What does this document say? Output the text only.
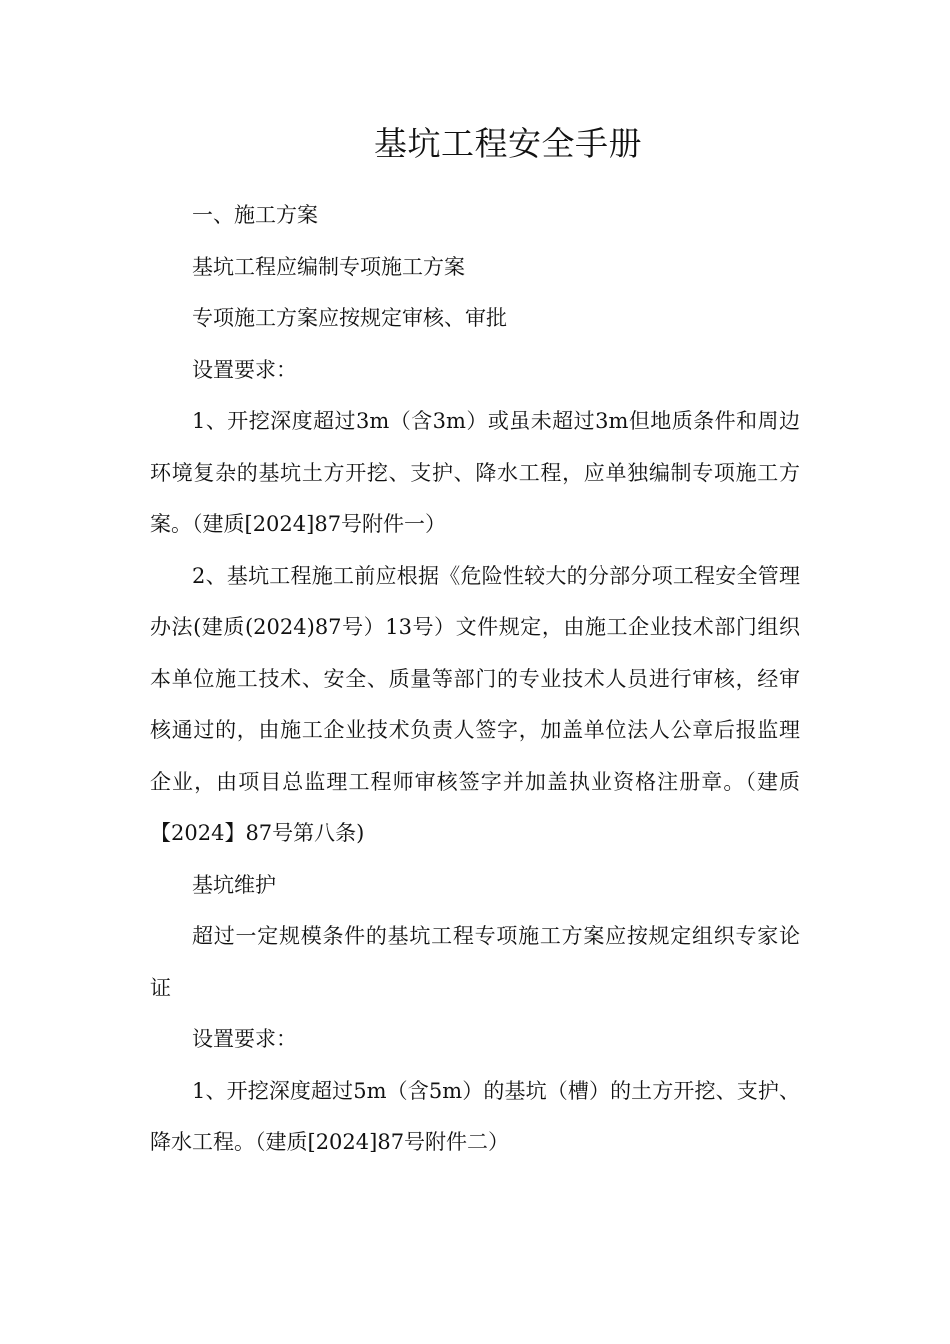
基坑工程安全手册

一、施工方案

基坑工程应编制专项施工方案

专项施工方案应按规定审核、审批

设置要求：

1、开挖深度超过3m（含3m）或虽未超过3m但地质条件和周边环境复杂的基坑土方开挖、支护、降水工程，应单独编制专项施工方案。（建质[2024]87号附件一）

2、基坑工程施工前应根据《危险性较大的分部分项工程安全管理办法(建质(2024)87号）13号）文件规定，由施工企业技术部门组织本单位施工技术、安全、质量等部门的专业技术人员进行审核，经审核通过的，由施工企业技术负责人签字，加盖单位法人公章后报监理企业，由项目总监理工程师审核签字并加盖执业资格注册章。（建质【2024】87号第八条)

基坑维护

超过一定规模条件的基坑工程专项施工方案应按规定组织专家论证

设置要求：

1、开挖深度超过5m（含5m）的基坑（槽）的土方开挖、支护、降水工程。（建质[2024]87号附件二）
